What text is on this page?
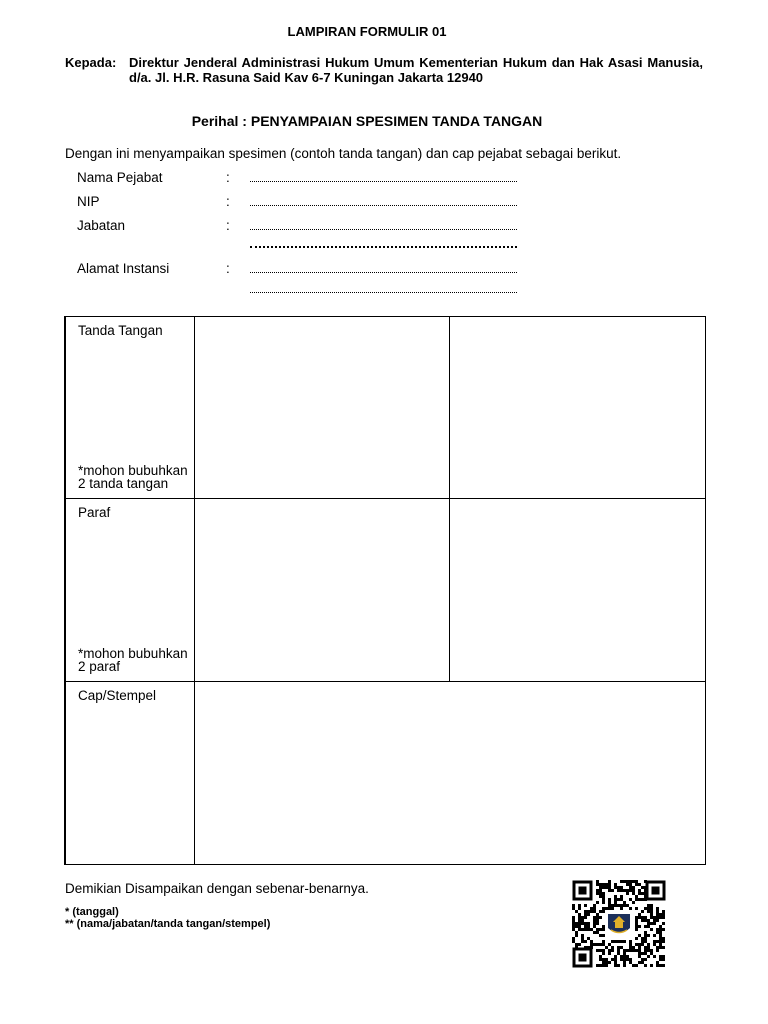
LAMPIRAN FORMULIR 01
Kepada: Direktur Jenderal Administrasi Hukum Umum Kementerian Hukum dan Hak Asasi Manusia, d/a. Jl. H.R. Rasuna Said Kav 6-7 Kuningan Jakarta 12940
Perihal : PENYAMPAIAN SPESIMEN TANDA TANGAN
Dengan ini menyampaikan spesimen (contoh tanda tangan) dan cap pejabat sebagai berikut.
Nama Pejabat	:
NIP	:
Jabatan	:
Alamat Instansi	:
Tanda Tangan
*mohon bubuhkan
2 tanda tangan		

Paraf
*mohon bubuhkan
2 paraf		

Cap/Stempel		

Demikian Disampaikan dengan sebenar-benarnya.
* (tanggal)
** (nama/jabatan/tanda tangan/stempel)
